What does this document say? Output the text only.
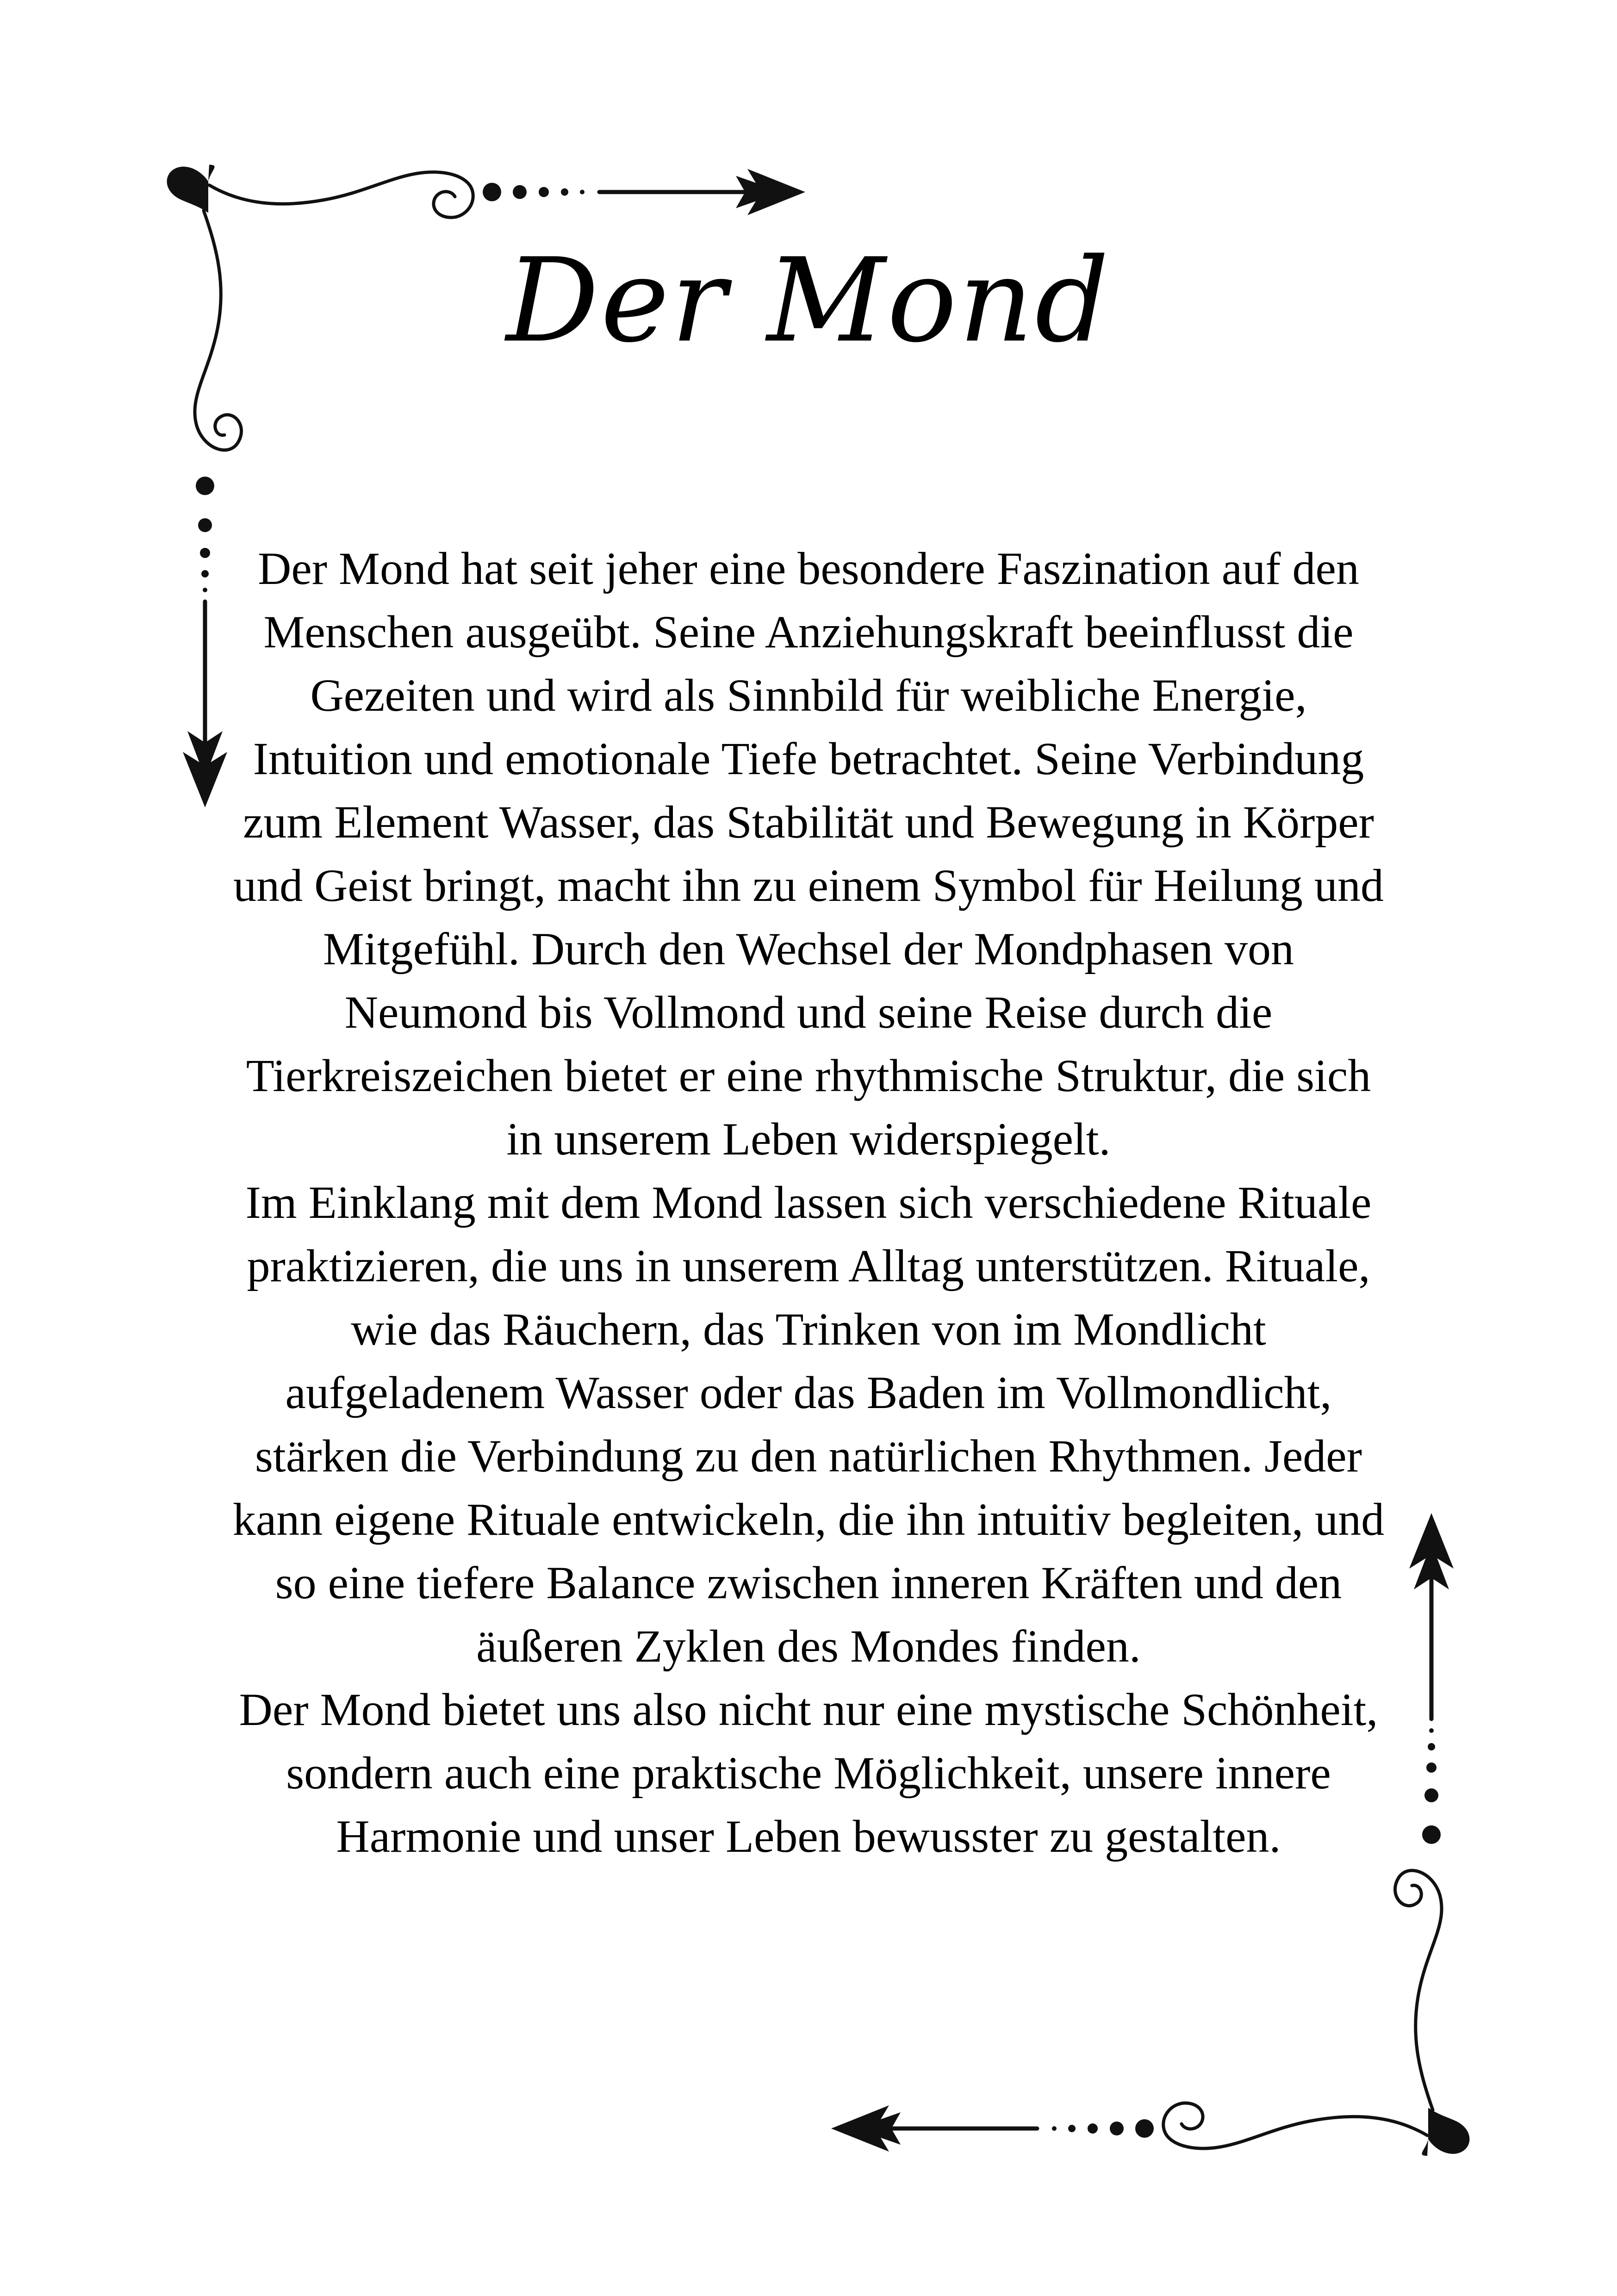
Der Mond

Der Mond hat seit jeher eine besondere Faszination auf den Menschen ausgeübt. Seine Anziehungskraft beeinflusst die Gezeiten und wird als Sinnbild für weibliche Energie, Intuition und emotionale Tiefe betrachtet. Seine Verbindung zum Element Wasser, das Stabilität und Bewegung in Körper und Geist bringt, macht ihn zu einem Symbol für Heilung und Mitgefühl. Durch den Wechsel der Mondphasen von Neumond bis Vollmond und seine Reise durch die Tierkreiszeichen bietet er eine rhythmische Struktur, die sich in unserem Leben widerspiegelt.

Im Einklang mit dem Mond lassen sich verschiedene Rituale praktizieren, die uns in unserem Alltag unterstützen. Rituale, wie das Räuchern, das Trinken von im Mondlicht aufgeladenem Wasser oder das Baden im Vollmondlicht, stärken die Verbindung zu den natürlichen Rhythmen. Jeder kann eigene Rituale entwickeln, die ihn intuitiv begleiten, und so eine tiefere Balance zwischen inneren Kräften und den äußeren Zyklen des Mondes finden.

Der Mond bietet uns also nicht nur eine mystische Schönheit, sondern auch eine praktische Möglichkeit, unsere innere Harmonie und unser Leben bewusster zu gestalten.
